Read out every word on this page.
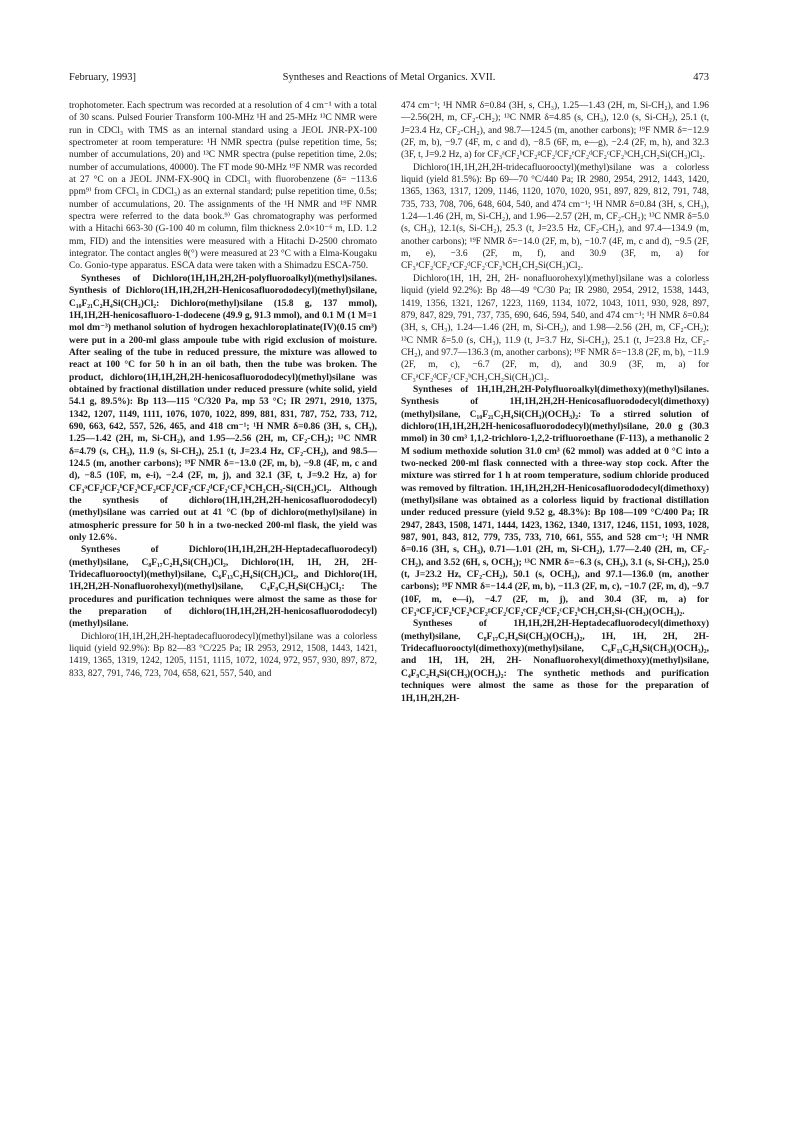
February, 1993]	Syntheses and Reactions of Metal Organics. XVII.	473

trophotometer. Each spectrum was recorded at a resolution of 4 cm⁻¹ with a total of 30 scans. Pulsed Fourier Transform 100-MHz ¹H and 25-MHz ¹³C NMR were run in CDCl₃ with TMS as an internal standard using a JEOL JNR-PX-100 spectrometer at room temperature: ¹H NMR spectra (pulse repetition time, 5s; number of accumulations, 20) and ¹³C NMR spectra (pulse repetition time, 2.0s; number of accumulations, 40000). The FT mode 90-MHz ¹⁹F NMR was recorded at 27 °C on a JEOL JNM-FX-90Q in CDCl₃ with fluorobenzene (δ= −113.6 ppm⁹⁾ from CFCl₃ in CDCl₃) as an external standard; pulse repetition time, 0.5s; number of accumulations, 20. The assignments of the ¹H NMR and ¹⁹F NMR spectra were referred to the data book.⁹⁾ Gas chromatography was performed with a Hitachi 663-30 (G-100 40 m column, film thickness 2.0×10⁻⁶ m, I.D. 1.2 mm, FID) and the intensities were measured with a Hitachi D-2500 chromato integrator. The contact angles θ(°) were measured at 23 °C with a Elma-Kougaku Co. Gonio-type apparatus. ESCA data were taken with a Shimadzu ESCA-750.

Syntheses of Dichloro(1H,1H,2H,2H-polyfluoroalkyl)(methyl)silanes. Synthesis of Dichloro(1H,1H,2H,2H-Henicosafluorododecyl)(methyl)silane, C₁₀F₂₁C₂H₄Si(CH₃)Cl₂: Dichloro(methyl)silane (15.8 g, 137 mmol), 1H,1H,2H-henicosafluoro-1-dodecene (49.9 g, 91.3 mmol), and 0.1 M (1 M=1 mol dm⁻³) methanol solution of hydrogen hexachloroplatinate(IV)(0.15 cm³) were put in a 200-ml glass ampoule tube with rigid exclusion of moisture. After sealing of the tube in reduced pressure, the mixture was allowed to react at 100 °C for 50 h in an oil bath, then the tube was broken. The product, dichloro(1H,1H,2H,2H-henicosafluorododecyl)(methyl)silane was obtained by fractional distillation under reduced pressure (white solid, yield 54.1 g, 89.5%): Bp 113—115 °C/320 Pa, mp 53 °C; IR 2971, 2910, 1375, 1342, 1207, 1149, 1111, 1076, 1070, 1022, 899, 881, 831, 787, 752, 733, 712, 690, 663, 642, 557, 526, 465, and 418 cm⁻¹; ¹H NMR δ=0.86 (3H, s, CH₃), 1.25—1.42 (2H, m, Si-CH₂), and 1.95—2.56 (2H, m, CF₂-CH₂); ¹³C NMR δ=4.79 (s, CH₃), 11.9 (s, Si-CH₂), 25.1 (t, J=23.4 Hz, CF₂-CH₂), and 98.5—124.5 (m, another carbons); ¹⁹F NMR δ=−13.0 (2F, m, b), −9.8 (4F, m, c and d), −8.5 (10F, m, e-i), −2.4 (2F, m, j), and 32.1 (3F, t, J=9.2 Hz, a) for CF₃ᵃCF₂ʲCF₂ⁱCF₂ʰCF₂ᵍCF₂ᶠCF₂ᵉCF₂ᵈCF₂ᶜCF₂ᵇCH₂CH₂-Si(CH₃)Cl₂. Although the synthesis of dichloro(1H,1H,2H,2H-henicosafluorododecyl)(methyl)silane was carried out at 41 °C (bp of dichloro(methyl)silane) in atmospheric pressure for 50 h in a two-necked 200-ml flask, the yield was only 12.6%.

Syntheses of Dichloro(1H,1H,2H,2H-Heptadecafluorodecyl)(methyl)silane, C₈F₁₇C₂H₄Si(CH₃)Cl₂, Dichloro(1H, 1H, 2H, 2H- Tridecafluorooctyl)(methyl)silane, C₆F₁₃C₂H₄Si(CH₃)Cl₂, and Dichloro(1H, 1H,2H,2H-Nonafluorohexyl)(methyl)silane, C₄F₉C₂H₄Si(CH₃)Cl₂: The procedures and purification techniques were almost the same as those for the preparation of dichloro(1H,1H,2H,2H-henicosafluorododecyl)(methyl)silane.

Dichloro(1H,1H,2H,2H-heptadecafluorodecyl)(methyl)silane was a colorless liquid (yield 92.9%): Bp 82—83 °C/225 Pa; IR 2953, 2912, 1508, 1443, 1421, 1419, 1365, 1319, 1242, 1205, 1151, 1115, 1072, 1024, 972, 957, 930, 897, 872, 833, 827, 791, 746, 723, 704, 658, 621, 557, 540, and

474 cm⁻¹; ¹H NMR δ=0.84 (3H, s, CH₃), 1.25—1.43 (2H, m, Si-CH₂), and 1.96—2.56(2H, m, CF₂-CH₂); ¹³C NMR δ=4.85 (s, CH₃), 12.0 (s, Si-CH₂), 25.1 (t, J=23.4 Hz, CF₂-CH₂), and 98.7—124.5 (m, another carbons); ¹⁹F NMR δ=−12.9 (2F, m, b), −9.7 (4F, m, c and d), −8.5 (6F, m, e—g), −2.4 (2F, m, h), and 32.3 (3F, t, J=9.2 Hz, a) for CF₃ᵃCF₂ʰCF₂ᵍCF₂ᶠCF₂ᵉCF₂ᵈCF₂ᶜCF₂ᵇCH₂CH₂Si(CH₃)Cl₂.

Dichloro(1H,1H,2H,2H-tridecafluorooctyl)(methyl)silane was a colorless liquid (yield 81.5%): Bp 69—70 °C/440 Pa; IR 2980, 2954, 2912, 1443, 1420, 1365, 1363, 1317, 1209, 1146, 1120, 1070, 1020, 951, 897, 829, 812, 791, 748, 735, 733, 708, 706, 648, 604, 540, and 474 cm⁻¹; ¹H NMR δ=0.84 (3H, s, CH₃), 1.24—1.46 (2H, m, Si-CH₂), and 1.96—2.57 (2H, m, CF₂-CH₂); ¹³C NMR δ=5.0 (s, CH₃), 12.1(s, Si-CH₂), 25.3 (t, J=23.5 Hz, CF₂-CH₂), and 97.4—134.9 (m, another carbons); ¹⁹F NMR δ=−14.0 (2F, m, b), −10.7 (4F, m, c and d), −9.5 (2F, m, e), −3.6 (2F, m, f), and 30.9 (3F, m, a) for CF₃ᵃCF₂ᶠCF₂ᵉCF₂ᵈCF₂ᶜCF₂ᵇCH₂CH₂Si(CH₃)Cl₂.

Dichloro(1H, 1H, 2H, 2H- nonafluorohexyl)(methyl)silane was a colorless liquid (yield 92.2%): Bp 48—49 °C/30 Pa; IR 2980, 2954, 2912, 1538, 1443, 1419, 1356, 1321, 1267, 1223, 1169, 1134, 1072, 1043, 1011, 930, 928, 897, 879, 847, 829, 791, 737, 735, 690, 646, 594, 540, and 474 cm⁻¹; ¹H NMR δ=0.84 (3H, s, CH₃), 1.24—1.46 (2H, m, Si-CH₂), and 1.98—2.56 (2H, m, CF₂-CH₂); ¹³C NMR δ=5.0 (s, CH₃), 11.9 (t, J=3.7 Hz, Si-CH₂), 25.1 (t, J=23.8 Hz, CF₂-CH₂), and 97.7—136.3 (m, another carbons); ¹⁹F NMR δ=−13.8 (2F, m, b), −11.9 (2F, m, c), −6.7 (2F, m, d), and 30.9 (3F, m, a) for CF₃ᵃCF₂ᵈCF₂ᶜCF₂ᵇCH₂CH₂Si(CH₃)Cl₂.

Syntheses of 1H,1H,2H,2H-Polyfluoroalkyl(dimethoxy)(methyl)silanes. Synthesis of 1H,1H,2H,2H-Henicosafluorododecyl(dimethoxy)(methyl)silane, C₁₀F₂₁C₂H₄Si(CH₃)(OCH₃)₂: To a stirred solution of dichloro(1H,1H,2H,2H-henicosafluorododecyl)(methyl)silane, 20.0 g (30.3 mmol) in 30 cm³ 1,1,2-trichloro-1,2,2-trifluoroethane (F-113), a methanolic 2 M sodium methoxide solution 31.0 cm³ (62 mmol) was added at 0 °C into a two-necked 200-ml flask connected with a three-way stop cock. After the mixture was stirred for 1 h at room temperature, sodium chloride produced was removed by filtration. 1H,1H,2H,2H-Henicosafluorododecyl(dimethoxy)(methyl)silane was obtained as a colorless liquid by fractional distillation under reduced pressure (yield 9.52 g, 48.3%): Bp 108—109 °C/400 Pa; IR 2947, 2843, 1508, 1471, 1444, 1423, 1362, 1340, 1317, 1246, 1151, 1093, 1028, 987, 901, 843, 812, 779, 735, 733, 710, 661, 555, and 528 cm⁻¹; ¹H NMR δ=0.16 (3H, s, CH₃), 0.71—1.01 (2H, m, Si-CH₂), 1.77—2.40 (2H, m, CF₂-CH₂), and 3.52 (6H, s, OCH₃); ¹³C NMR δ=−6.3 (s, CH₃), 3.1 (s, Si-CH₂), 25.0 (t, J=23.2 Hz, CF₂-CH₂), 50.1 (s, OCH₃), and 97.1—136.0 (m, another carbons); ¹⁹F NMR δ=−14.4 (2F, m, b), −11.3 (2F, m, c), −10.7 (2F, m, d), −9.7 (10F, m, e—i), −4.7 (2F, m, j), and 30.4 (3F, m, a) for CF₃ᵃCF₂ʲCF₂ⁱCF₂ʰCF₂ᵍCF₂ᶠCF₂ᵉCF₂ᵈCF₂ᶜCF₂ᵇCH₂CH₂Si-(CH₃)(OCH₃)₂.

Syntheses of 1H,1H,2H,2H-Heptadecafluorodecyl(dimethoxy)(methyl)silane, C₈F₁₇C₂H₄Si(CH₃)(OCH₃)₂, 1H, 1H, 2H, 2H- Tridecafluorooctyl(dimethoxy)(methyl)silane, C₆F₁₃C₂H₄Si(CH₃)(OCH₃)₂, and 1H, 1H, 2H, 2H- Nonafluorohexyl(dimethoxy)(methyl)silane, C₄F₉C₂H₄Si(CH₃)(OCH₃)₂: The synthetic methods and purification techniques were almost the same as those for the preparation of 1H,1H,2H,2H-
